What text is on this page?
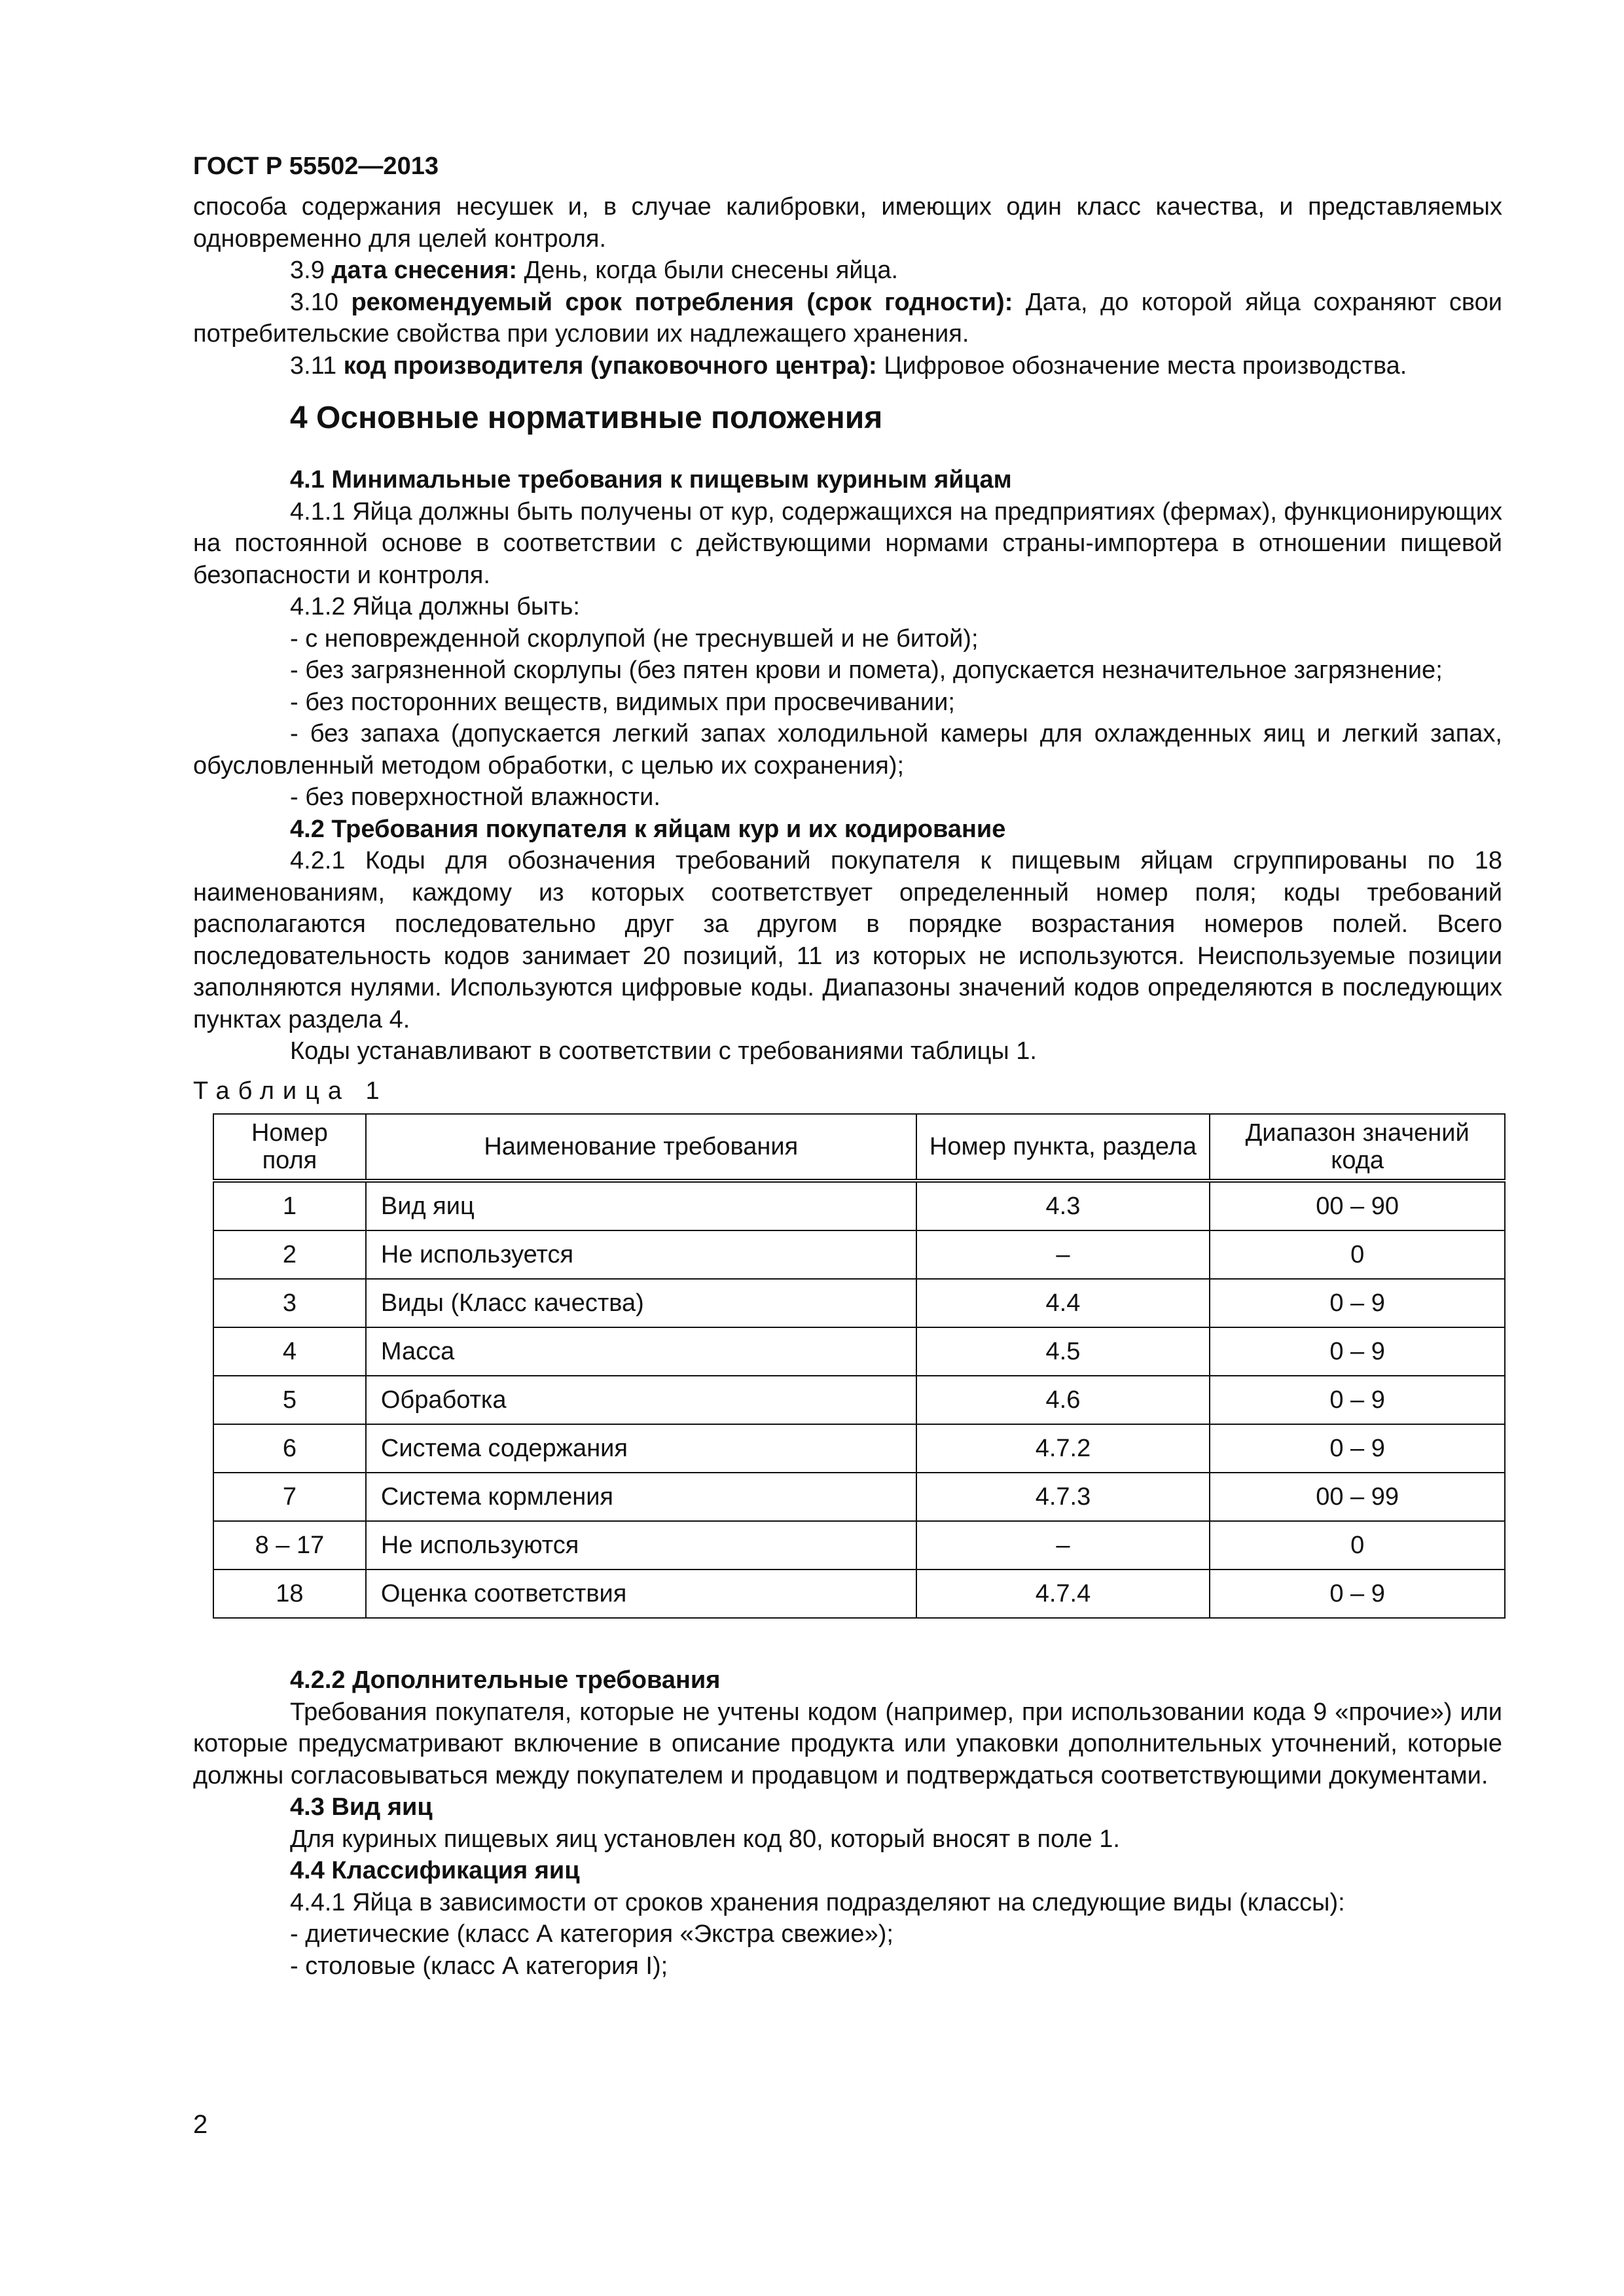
ГОСТ Р 55502—2013

способа содержания несушек и, в случае калибровки, имеющих один класс качества, и представляемых одновременно для целей контроля.

3.9 дата снесения: День, когда были снесены яйца.

3.10 рекомендуемый срок потребления (срок годности): Дата, до которой яйца сохраняют свои потребительские свойства при условии их надлежащего хранения.

3.11 код производителя (упаковочного центра): Цифровое обозначение места производства.

4 Основные нормативные положения

4.1 Минимальные требования к пищевым куриным яйцам

4.1.1 Яйца должны быть получены от кур, содержащихся на предприятиях (фермах), функционирующих на постоянной основе в соответствии с действующими нормами страны-импортера в отношении пищевой безопасности и контроля.

4.1.2 Яйца должны быть:

- с неповрежденной скорлупой (не треснувшей и не битой);

- без загрязненной скорлупы (без пятен крови и помета), допускается незначительное загрязнение;

- без посторонних веществ, видимых при просвечивании;

- без запаха (допускается легкий запах холодильной камеры для охлажденных яиц и легкий запах, обусловленный методом обработки, с целью их сохранения);

- без поверхностной влажности.

4.2 Требования покупателя к яйцам кур и их кодирование

4.2.1 Коды для обозначения требований покупателя к пищевым яйцам сгруппированы по 18 наименованиям, каждому из которых соответствует определенный номер поля; коды требований располагаются последовательно друг за другом в порядке возрастания номеров полей. Всего последовательность кодов занимает 20 позиций, 11 из которых не используются. Неиспользуемые позиции заполняются нулями. Используются цифровые коды. Диапазоны значений кодов определяются в последующих пунктах раздела 4.

Коды устанавливают в соответствии с требованиями таблицы 1.

Таблица 1

Номер поля	Наименование требования	Номер пункта, раздела	Диапазон значений кода
1	Вид яиц	4.3	00 – 90
2	Не используется	–	0
3	Виды (Класс качества)	4.4	0 – 9
4	Масса	4.5	0 – 9
5	Обработка	4.6	0 – 9
6	Система содержания	4.7.2	0 – 9
7	Система кормления	4.7.3	00 – 99
8 – 17	Не используются	–	0
18	Оценка соответствия	4.7.4	0 – 9

4.2.2 Дополнительные требования

Требования покупателя, которые не учтены кодом (например, при использовании кода 9 «прочие») или которые предусматривают включение в описание продукта или упаковки дополнительных уточнений, которые должны согласовываться между покупателем и продавцом и подтверждаться соответствующими документами.

4.3 Вид яиц

Для куриных пищевых яиц установлен код 80, который вносят в поле 1.

4.4 Классификация яиц

4.4.1 Яйца в зависимости от сроков хранения подразделяют на следующие виды (классы):

- диетические (класс А категория «Экстра свежие»);

- столовые (класс А категория I);

2
